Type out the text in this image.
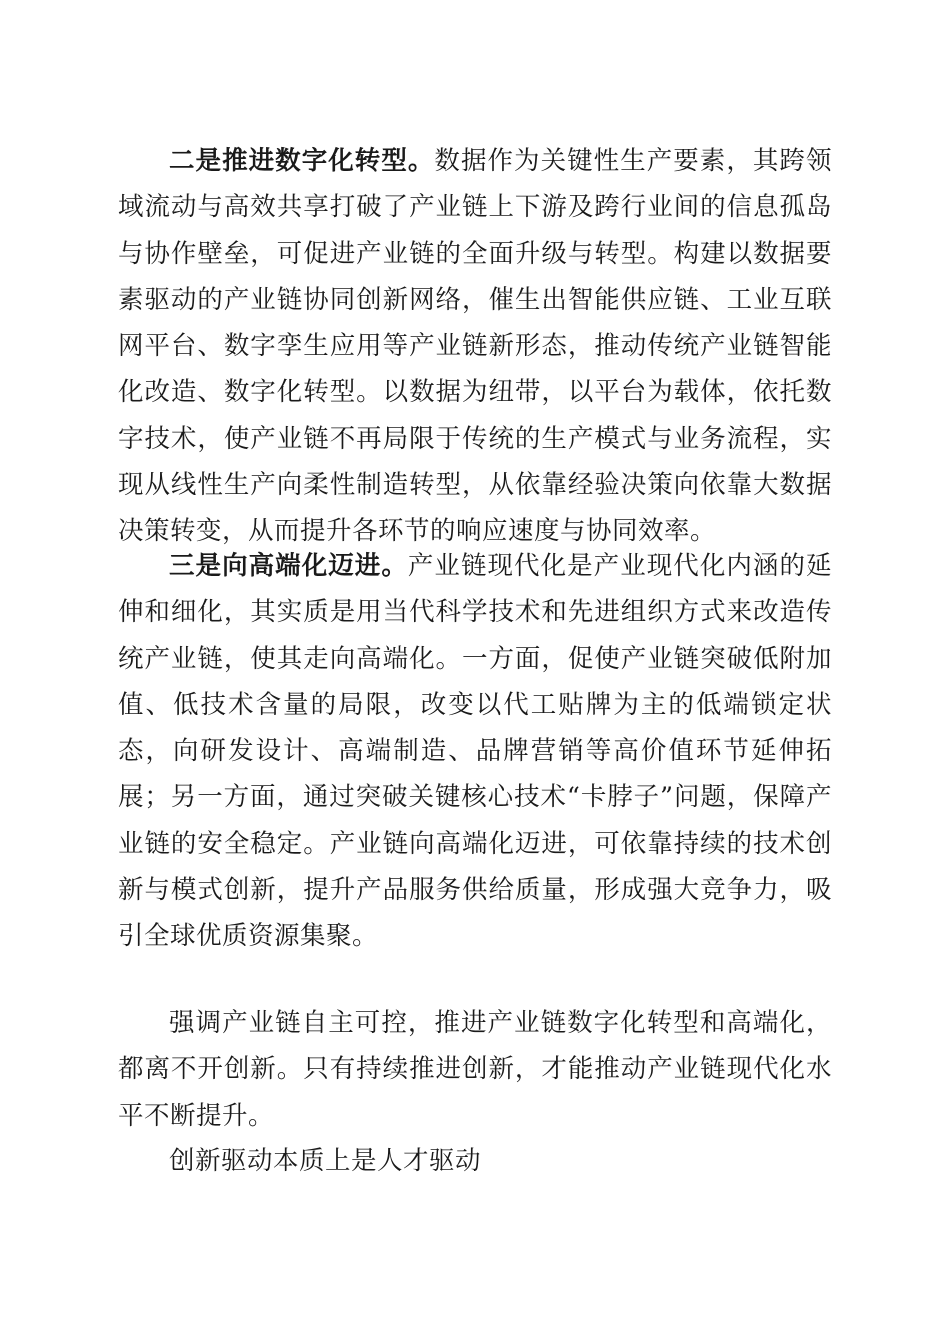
二是推进数字化转型。数据作为关键性生产要素，其跨领域流动与高效共享打破了产业链上下游及跨行业间的信息孤岛与协作壁垒，可促进产业链的全面升级与转型。构建以数据要素驱动的产业链协同创新网络，催生出智能供应链、工业互联网平台、数字孪生应用等产业链新形态，推动传统产业链智能化改造、数字化转型。以数据为纽带，以平台为载体，依托数字技术，使产业链不再局限于传统的生产模式与业务流程，实现从线性生产向柔性制造转型，从依靠经验决策向依靠大数据决策转变，从而提升各环节的响应速度与协同效率。

三是向高端化迈进。产业链现代化是产业现代化内涵的延伸和细化，其实质是用当代科学技术和先进组织方式来改造传统产业链，使其走向高端化。一方面，促使产业链突破低附加值、低技术含量的局限，改变以代工贴牌为主的低端锁定状态，向研发设计、高端制造、品牌营销等高价值环节延伸拓展；另一方面，通过突破关键核心技术“卡脖子”问题，保障产业链的安全稳定。产业链向高端化迈进，可依靠持续的技术创新与模式创新，提升产品服务供给质量，形成强大竞争力，吸引全球优质资源集聚。

强调产业链自主可控，推进产业链数字化转型和高端化，都离不开创新。只有持续推进创新，才能推动产业链现代化水平不断提升。

创新驱动本质上是人才驱动
